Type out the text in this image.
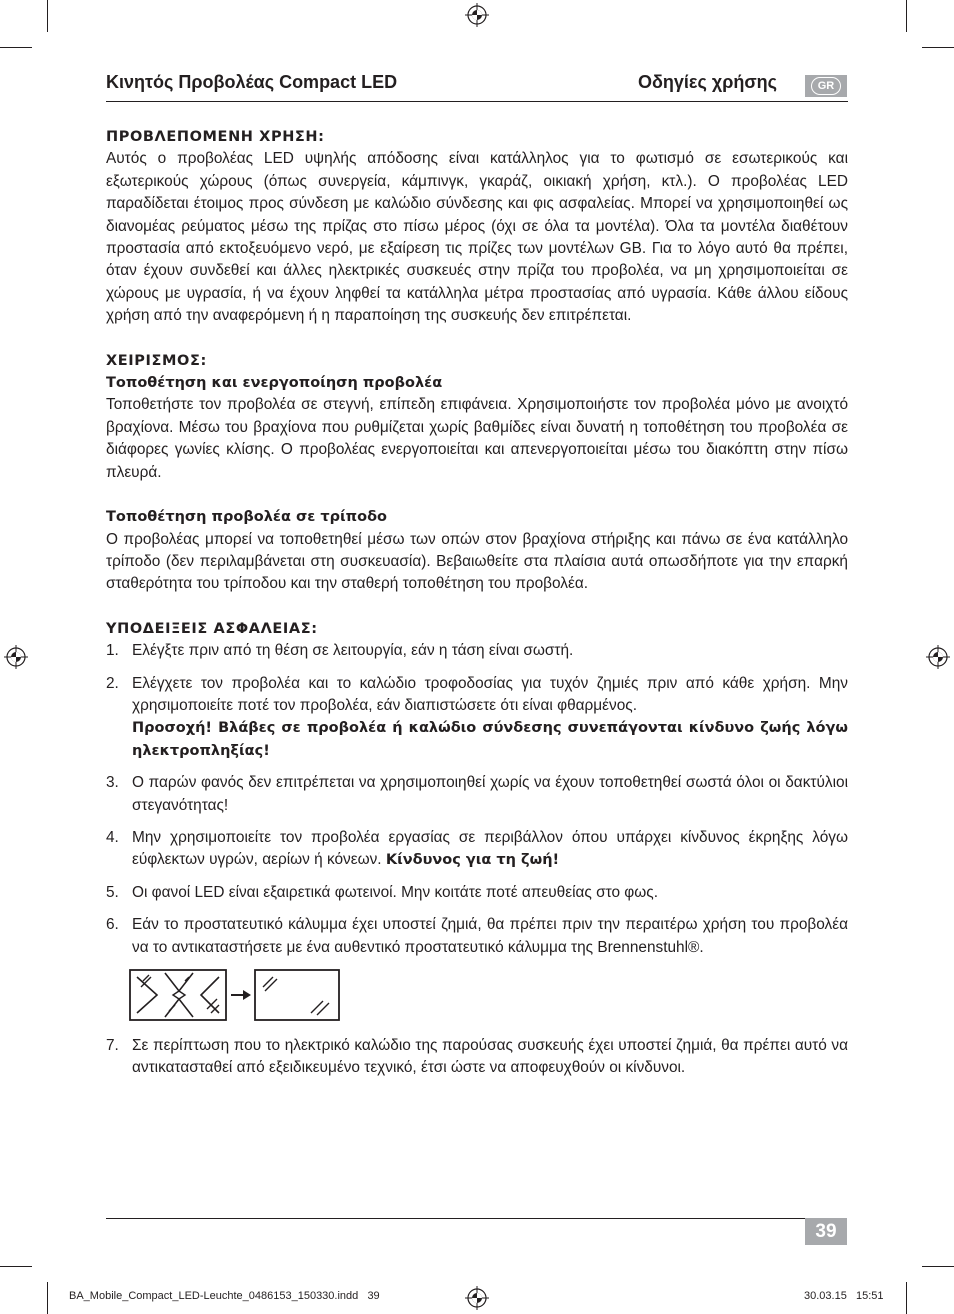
Κινητός Προβολέας Compact LED	Οδηγίες χρήσης	GR
ΠΡΟΒΛΕΠΟΜΕΝΗ ΧΡΗΣΗ:
Αυτός ο προβολέας LED υψηλής απόδοσης είναι κατάλληλος για το φωτισμό σε εσωτερικούς και εξωτερικούς χώρους (όπως συνεργεία, κάμπινγκ, γκαράζ, οικιακή χρήση, κτλ.). Ο προβολέας LED παραδίδεται έτοιμος προς σύνδεση με καλώδιο σύνδεσης και φις ασφαλείας. Μπορεί να χρησιμοποιηθεί ως διανομέας ρεύματος μέσω της πρίζας στο πίσω μέρος (όχι σε όλα τα μοντέλα). Όλα τα μοντέλα διαθέτουν προστασία από εκτοξευόμενο νερό, με εξαίρεση τις πρίζες των μοντέλων GB. Για το λόγο αυτό θα πρέπει, όταν έχουν συνδεθεί και άλλες ηλεκτρικές συσκευές στην πρίζα του προβολέα, να μη χρησιμοποιείται σε χώρους με υγρασία, ή να έχουν ληφθεί τα κατάλληλα μέτρα προστασίας από υγρασία. Κάθε άλλου είδους χρήση από την αναφερόμενη ή η παραποίηση της συσκευής δεν επιτρέπεται.
ΧΕΙΡΙΣΜΟΣ:
Τοποθέτηση και ενεργοποίηση προβολέα
Τοποθετήστε τον προβολέα σε στεγνή, επίπεδη επιφάνεια. Χρησιμοποιήστε τον προβολέα μόνο με ανοιχτό βραχίονα. Μέσω του βραχίονα που ρυθμίζεται χωρίς βαθμίδες είναι δυνατή η τοποθέτηση του προβολέα σε διάφορες γωνίες κλίσης. Ο προβολέας ενεργοποιείται και απενεργοποιείται μέσω του διακόπτη στην πίσω πλευρά.
Τοποθέτηση προβολέα σε τρίποδο
Ο προβολέας μπορεί να τοποθετηθεί μέσω των οπών στον βραχίονα στήριξης και πάνω σε ένα κατάλληλο τρίποδο (δεν περιλαμβάνεται στη συσκευασία). Βεβαιωθείτε στα πλαίσια αυτά οπωσδήποτε για την επαρκή σταθερότητα του τρίποδου και την σταθερή τοποθέτηση του προβολέα.
ΥΠΟΔΕΙΞΕΙΣ ΑΣΦΑΛΕΙΑΣ:
1. Ελέγξτε πριν από τη θέση σε λειτουργία, εάν η τάση είναι σωστή.
2. Ελέγχετε τον προβολέα και το καλώδιο τροφοδοσίας για τυχόν ζημιές πριν από κάθε χρήση. Μην χρησιμοποιείτε ποτέ τον προβολέα, εάν διαπιστώσετε ότι είναι φθαρμένος.
Προσοχή! Βλάβες σε προβολέα ή καλώδιο σύνδεσης συνεπάγονται κίνδυνο ζωής λόγω ηλεκτροπληξίας!
3. Ο παρών φανός δεν επιτρέπεται να χρησιμοποιηθεί χωρίς να έχουν τοποθετηθεί σωστά όλοι οι δακτύλιοι στεγανότητας!
4. Μην χρησιμοποιείτε τον προβολέα εργασίας σε περιβάλλον όπου υπάρχει κίνδυνος έκρηξης λόγω εύφλεκτων υγρών, αερίων ή κόνεων. Κίνδυνος για τη ζωή!
5. Οι φανοί LED είναι εξαιρετικά φωτεινοί. Μην κοιτάτε ποτέ απευθείας στο φως.
6. Εάν το προστατευτικό κάλυμμα έχει υποστεί ζημιά, θα πρέπει πριν την περαιτέρω χρήση του προβολέα να το αντικαταστήσετε με ένα αυθεντικό προστατευτικό κάλυμμα της Brennenstuhl®.
7. Σε περίπτωση που το ηλεκτρικό καλώδιο της παρούσας συσκευής έχει υποστεί ζημιά, θα πρέπει αυτό να αντικατασταθεί από εξειδικευμένο τεχνικό, έτσι ώστε να αποφευχθούν οι κίνδυνοι.
39
BA_Mobile_Compact_LED-Leuchte_0486153_150330.indd   39	30.03.15   15:51
